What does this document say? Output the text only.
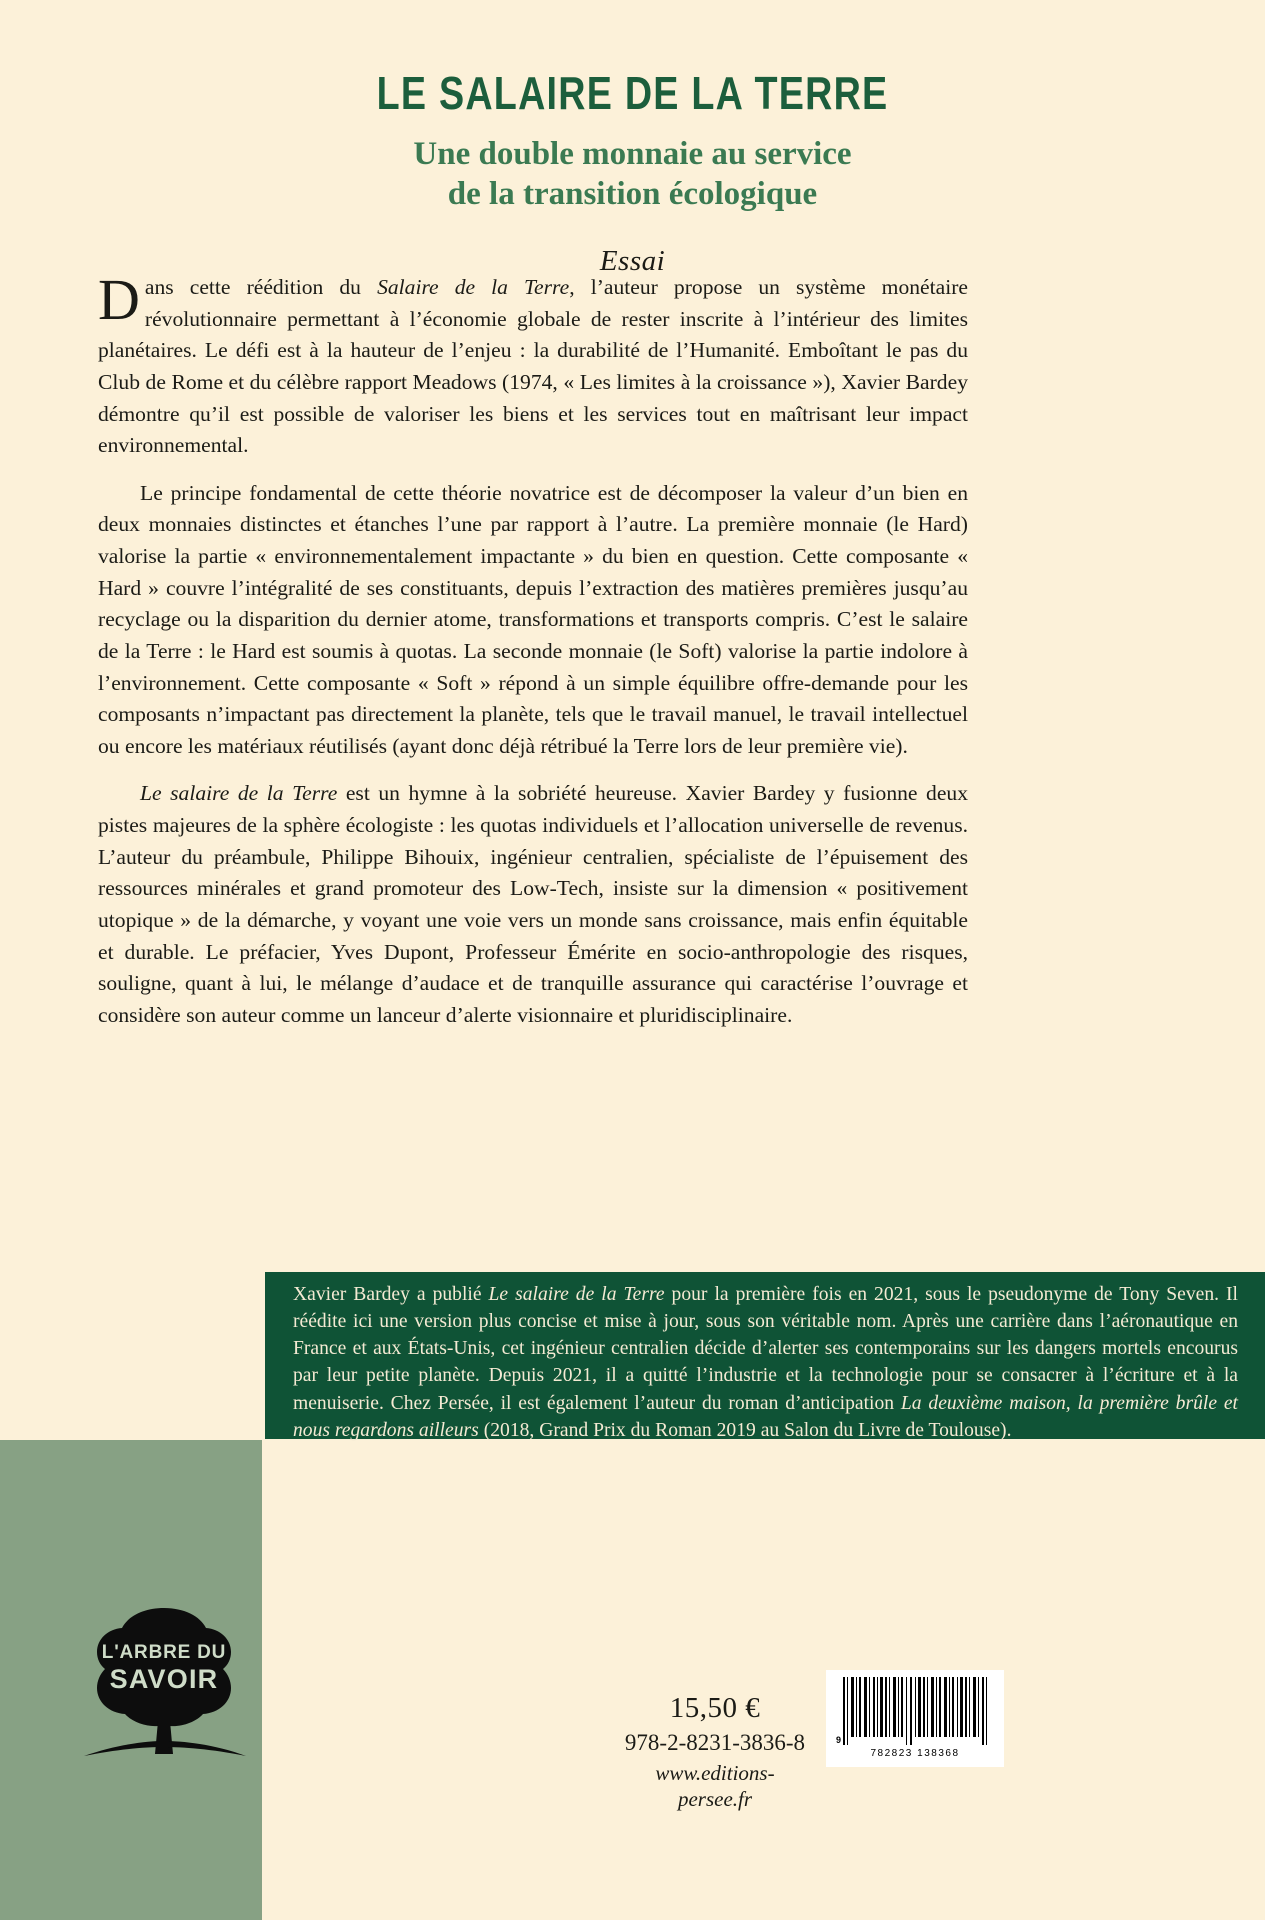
LE SALAIRE DE LA TERRE
Une double monnaie au service
de la transition écologique
Essai

Dans cette réédition du Salaire de la Terre, l’auteur propose un système monétaire révolutionnaire permettant à l’économie globale de rester inscrite à l’intérieur des limites planétaires. Le défi est à la hauteur de l’enjeu : la durabilité de l’Humanité. Emboîtant le pas du Club de Rome et du célèbre rapport Meadows (1974, « Les limites à la croissance »), Xavier Bardey démontre qu’il est possible de valoriser les biens et les services tout en maîtrisant leur impact environnemental.

Le principe fondamental de cette théorie novatrice est de décomposer la valeur d’un bien en deux monnaies distinctes et étanches l’une par rapport à l’autre. La première monnaie (le Hard) valorise la partie « environnementalement impactante » du bien en question. Cette composante « Hard » couvre l’intégralité de ses constituants, depuis l’extraction des matières premières jusqu’au recyclage ou la disparition du dernier atome, transformations et transports compris. C’est le salaire de la Terre : le Hard est soumis à quotas. La seconde monnaie (le Soft) valorise la partie indolore à l’environnement. Cette composante « Soft » répond à un simple équilibre offre-demande pour les composants n’impactant pas directement la planète, tels que le travail manuel, le travail intellectuel ou encore les matériaux réutilisés (ayant donc déjà rétribué la Terre lors de leur première vie).

Le salaire de la Terre est un hymne à la sobriété heureuse. Xavier Bardey y fusionne deux pistes majeures de la sphère écologiste : les quotas individuels et l’allocation universelle de revenus. L’auteur du préambule, Philippe Bihouix, ingénieur centralien, spécialiste de l’épuisement des ressources minérales et grand promoteur des Low-Tech, insiste sur la dimension « positivement utopique » de la démarche, y voyant une voie vers un monde sans croissance, mais enfin équitable et durable. Le préfacier, Yves Dupont, Professeur Émérite en socio-anthropologie des risques, souligne, quant à lui, le mélange d’audace et de tranquille assurance qui caractérise l’ouvrage et considère son auteur comme un lanceur d’alerte visionnaire et pluridisciplinaire.

Xavier Bardey a publié Le salaire de la Terre pour la première fois en 2021, sous le pseudonyme de Tony Seven. Il réédite ici une version plus concise et mise à jour, sous son véritable nom. Après une carrière dans l’aéronautique en France et aux États-Unis, cet ingénieur centralien décide d’alerter ses contemporains sur les dangers mortels encourus par leur petite planète. Depuis 2021, il a quitté l’industrie et la technologie pour se consacrer à l’écriture et à la menuiserie. Chez Persée, il est également l’auteur du roman d’anticipation La deuxième maison, la première brûle et nous regardons ailleurs (2018, Grand Prix du Roman 2019 au Salon du Livre de Toulouse).

L'ARBRE DU
SAVOIR
15,50 €
978-2-8231-3836-8
www.editions-persee.fr
9
782823 138368
